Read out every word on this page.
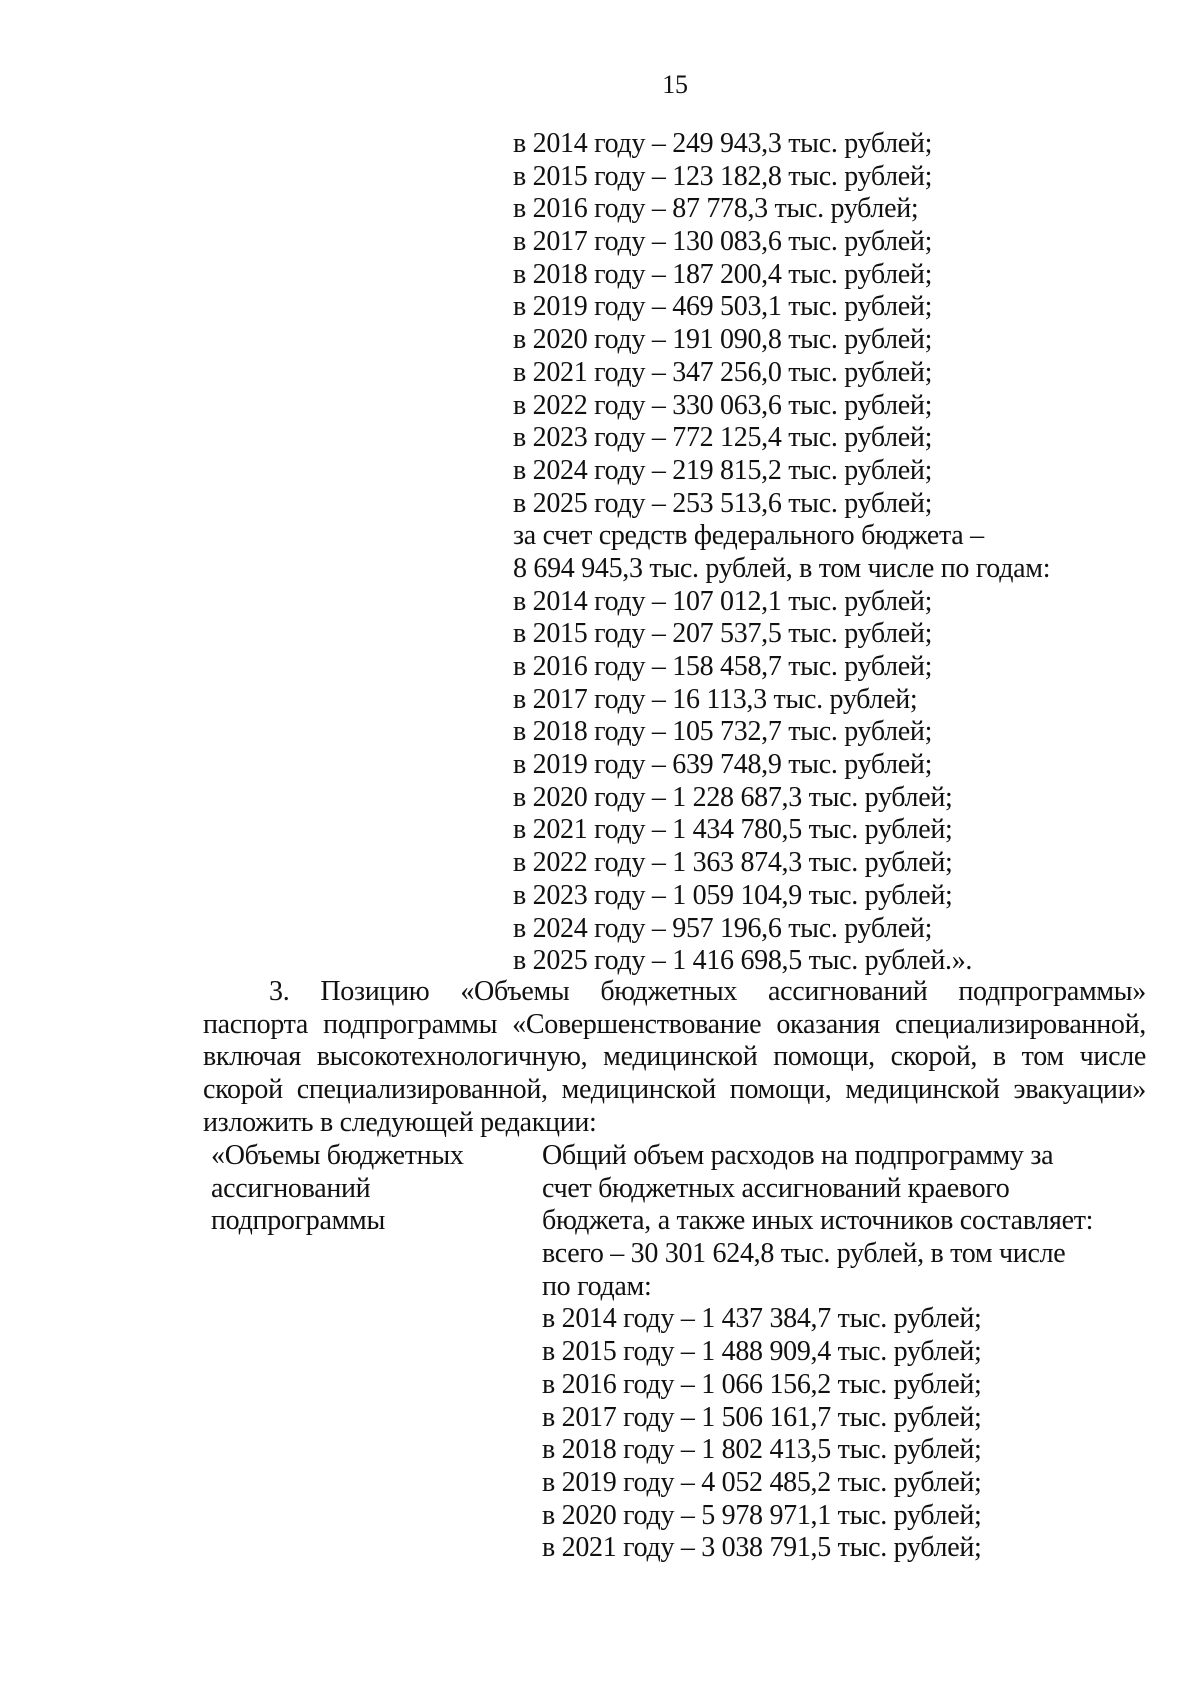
15
в 2014 году – 249 943,3 тыс. рублей;
в 2015 году – 123 182,8 тыс. рублей;
в 2016 году – 87 778,3 тыс. рублей;
в 2017 году – 130 083,6 тыс. рублей;
в 2018 году – 187 200,4 тыс. рублей;
в 2019 году – 469 503,1 тыс. рублей;
в 2020 году – 191 090,8 тыс. рублей;
в 2021 году – 347 256,0 тыс. рублей;
в 2022 году – 330 063,6 тыс. рублей;
в 2023 году – 772 125,4 тыс. рублей;
в 2024 году – 219 815,2 тыс. рублей;
в 2025 году – 253 513,6 тыс. рублей;
за счет средств федерального бюджета –
8 694 945,3 тыс. рублей, в том числе по годам:
в 2014 году – 107 012,1 тыс. рублей;
в 2015 году – 207 537,5 тыс. рублей;
в 2016 году – 158 458,7 тыс. рублей;
в 2017 году – 16 113,3 тыс. рублей;
в 2018 году – 105 732,7 тыс. рублей;
в 2019 году – 639 748,9 тыс. рублей;
в 2020 году – 1 228 687,3 тыс. рублей;
в 2021 году – 1 434 780,5 тыс. рублей;
в 2022 году – 1 363 874,3 тыс. рублей;
в 2023 году – 1 059 104,9 тыс. рублей;
в 2024 году – 957 196,6 тыс. рублей;
в 2025 году – 1 416 698,5 тыс. рублей.».
3. Позицию «Объемы бюджетных ассигнований подпрограммы»
паспорта подпрограммы «Совершенствование оказания специализированной,
включая высокотехнологичную, медицинской помощи, скорой, в том числе
скорой специализированной, медицинской помощи, медицинской эвакуации»
изложить в следующей редакции:
«Объемы бюджетных
ассигнований
подпрограммы
Общий объем расходов на подпрограмму за
счет бюджетных ассигнований краевого
бюджета, а также иных источников составляет:
всего – 30 301 624,8 тыс. рублей, в том числе
по годам:
в 2014 году – 1 437 384,7 тыс. рублей;
в 2015 году – 1 488 909,4 тыс. рублей;
в 2016 году – 1 066 156,2 тыс. рублей;
в 2017 году – 1 506 161,7 тыс. рублей;
в 2018 году – 1 802 413,5 тыс. рублей;
в 2019 году – 4 052 485,2 тыс. рублей;
в 2020 году – 5 978 971,1 тыс. рублей;
в 2021 году – 3 038 791,5 тыс. рублей;
